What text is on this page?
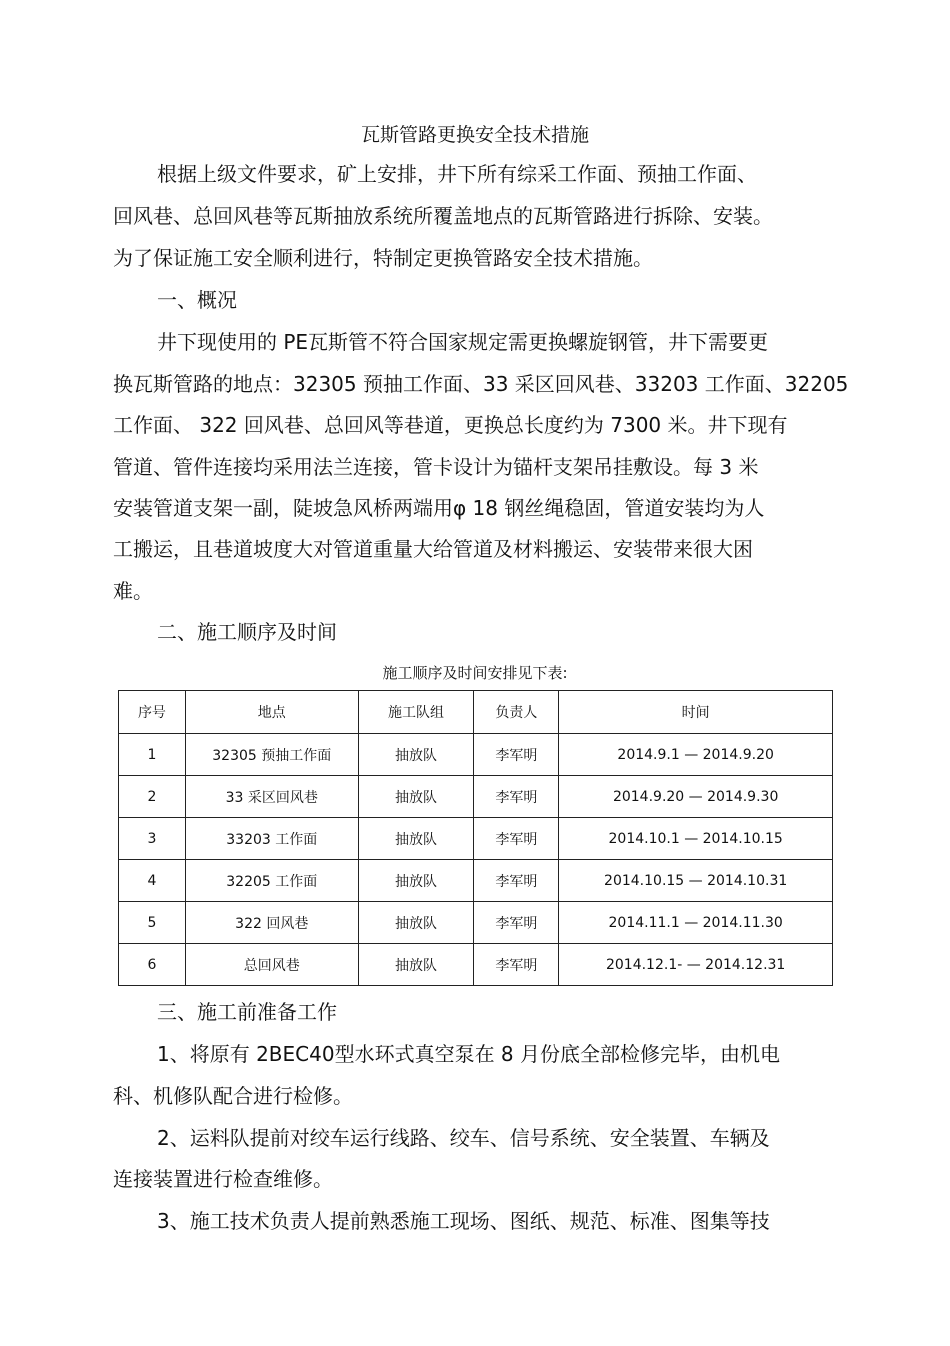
瓦斯管路更换安全技术措施
根据上级文件要求，矿上安排，井下所有综采工作面、预抽工作面、
回风巷、总回风巷等瓦斯抽放系统所覆盖地点的瓦斯管路进行拆除、安装。
为了保证施工安全顺利进行，特制定更换管路安全技术措施。
一、概况
井下现使用的 PE瓦斯管不符合国家规定需更换螺旋钢管，井下需要更
换瓦斯管路的地点：32305 预抽工作面、33 采区回风巷、33203 工作面、32205
工作面、 322 回风巷、总回风等巷道，更换总长度约为 7300 米。井下现有
管道、管件连接均采用法兰连接，管卡设计为锚杆支架吊挂敷设。每 3 米
安装管道支架一副，陡坡急风桥两端用φ 18 钢丝绳稳固，管道安装均为人
工搬运，且巷道坡度大对管道重量大给管道及材料搬运、安装带来很大困
难。
二、施工顺序及时间
施工顺序及时间安排见下表:
序号	地点	施工队组	负责人	时间
1	32305 预抽工作面	抽放队	李军明	2014.9.1 — 2014.9.20
2	33 采区回风巷	抽放队	李军明	2014.9.20 — 2014.9.30
3	33203 工作面	抽放队	李军明	2014.10.1 — 2014.10.15
4	32205 工作面	抽放队	李军明	2014.10.15 — 2014.10.31
5	322 回风巷	抽放队	李军明	2014.11.1 — 2014.11.30
6	总回风巷	抽放队	李军明	2014.12.1- — 2014.12.31
三、施工前准备工作
1、将原有 2BEC40型水环式真空泵在 8 月份底全部检修完毕，由机电
科、机修队配合进行检修。
2、运料队提前对绞车运行线路、绞车、信号系统、安全装置、车辆及
连接装置进行检查维修。
3、施工技术负责人提前熟悉施工现场、图纸、规范、标准、图集等技
